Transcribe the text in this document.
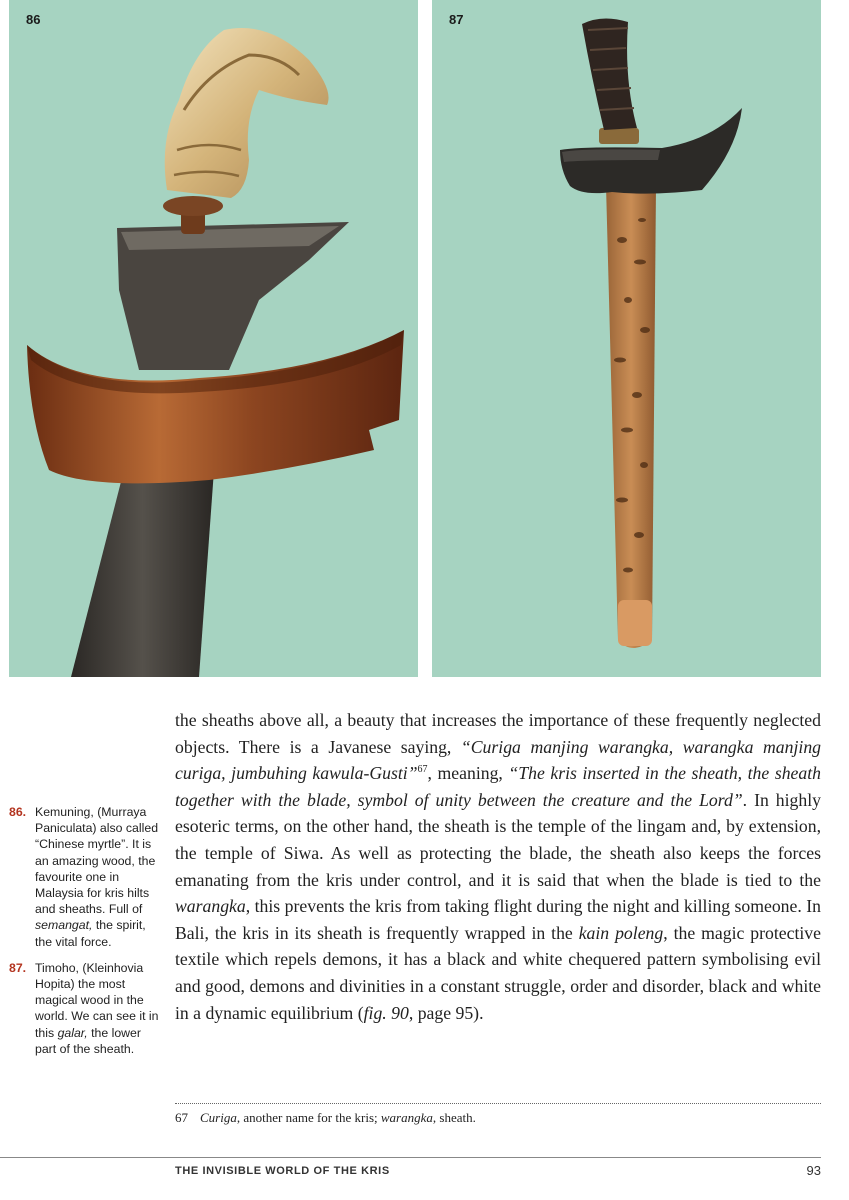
86	87
86. Kemuning, (Murraya Paniculata) also called “Chinese myrtle”. It is an amazing wood, the favourite one in Malaysia for kris hilts and sheaths. Full of semangat, the spirit, the vital force.
87. Timoho, (Kleinhovia Hopita) the most magical wood in the world. We can see it in this galar, the lower part of the sheath.

the sheaths above all, a beauty that increases the importance of these frequently neglected objects. There is a Javanese saying, “Curiga manjing warangka, warangka manjing curiga, jumbuhing kawula-Gusti”$^{67}$, meaning, “The kris inserted in the sheath, the sheath together with the blade, symbol of unity between the creature and the Lord”. In highly esoteric terms, on the other hand, the sheath is the temple of the lingam and, by extension, the temple of Siwa. As well as protecting the blade, the sheath also keeps the forces emanating from the kris under control, and it is said that when the blade is tied to the warangka, this prevents the kris from taking flight during the night and killing someone. In Bali, the kris in its sheath is frequently wrapped in the kain poleng, the magic protective textile which repels demons, it has a black and white chequered pattern symbolising evil and good, demons and divinities in a constant struggle, order and disorder, black and white in a dynamic equilibrium (fig. 90, page 95).

67 Curiga, another name for the kris; warangka, sheath.
THE INVISIBLE WORLD OF THE KRIS	93
